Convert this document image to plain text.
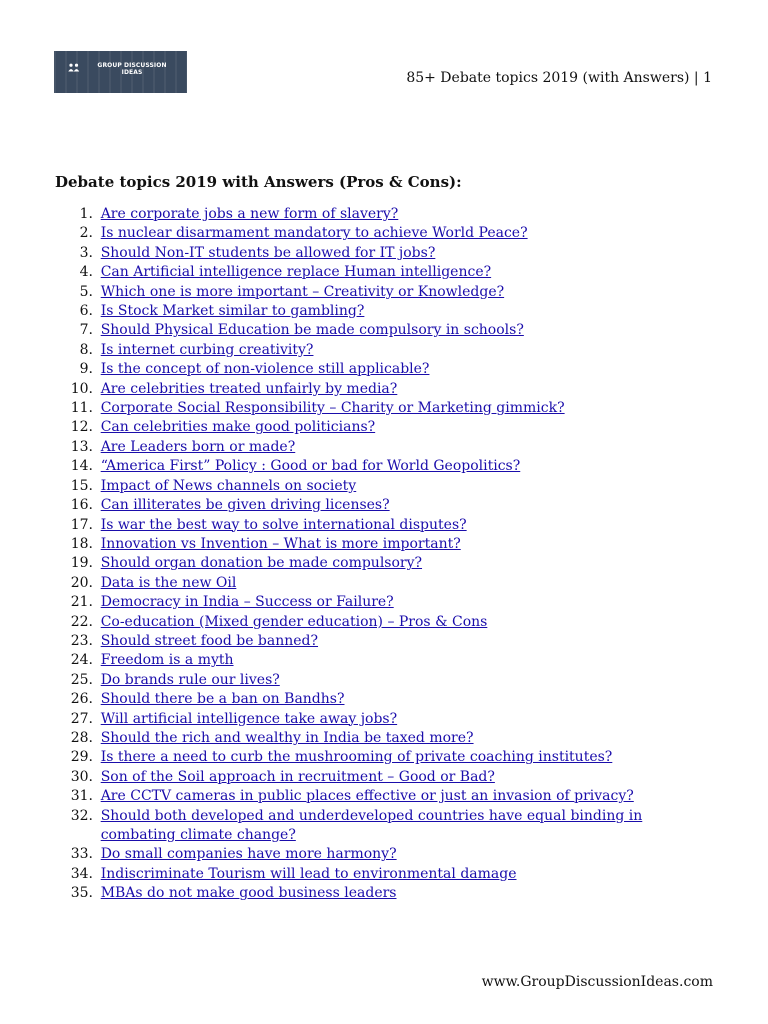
GROUP DISCUSSION
IDEAS	85+ Debate topics 2019 (with Answers) | 1
Debate topics 2019 with Answers (Pros & Cons):
1. Are corporate jobs a new form of slavery?
2. Is nuclear disarmament mandatory to achieve World Peace?
3. Should Non-IT students be allowed for IT jobs?
4. Can Artificial intelligence replace Human intelligence?
5. Which one is more important – Creativity or Knowledge?
6. Is Stock Market similar to gambling?
7. Should Physical Education be made compulsory in schools?
8. Is internet curbing creativity?
9. Is the concept of non-violence still applicable?
10. Are celebrities treated unfairly by media?
11. Corporate Social Responsibility – Charity or Marketing gimmick?
12. Can celebrities make good politicians?
13. Are Leaders born or made?
14. “America First” Policy : Good or bad for World Geopolitics?
15. Impact of News channels on society
16. Can illiterates be given driving licenses?
17. Is war the best way to solve international disputes?
18. Innovation vs Invention – What is more important?
19. Should organ donation be made compulsory?
20. Data is the new Oil
21. Democracy in India – Success or Failure?
22. Co-education (Mixed gender education) – Pros & Cons
23. Should street food be banned?
24. Freedom is a myth
25. Do brands rule our lives?
26. Should there be a ban on Bandhs?
27. Will artificial intelligence take away jobs?
28. Should the rich and wealthy in India be taxed more?
29. Is there a need to curb the mushrooming of private coaching institutes?
30. Son of the Soil approach in recruitment – Good or Bad?
31. Are CCTV cameras in public places effective or just an invasion of privacy?
32. Should both developed and underdeveloped countries have equal binding in combating climate change?
33. Do small companies have more harmony?
34. Indiscriminate Tourism will lead to environmental damage
35. MBAs do not make good business leaders
www.GroupDiscussionIdeas.com
